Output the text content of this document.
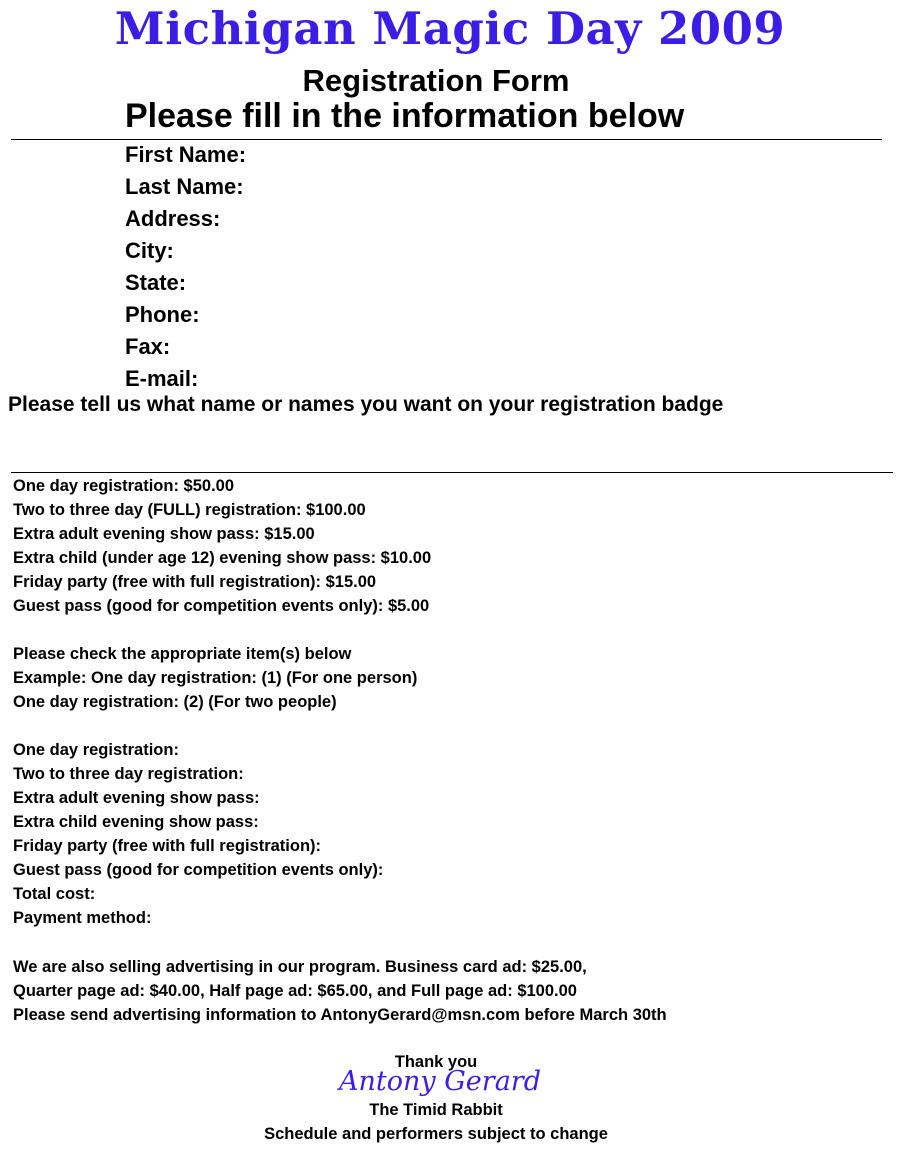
Michigan Magic Day 2009
Registration Form
Please fill in the information below
First Name:
Last Name:
Address:
City:
State:
Phone:
Fax:
E-mail:
Please tell us what name or names you want on your registration badge
One day registration: $50.00
Two to three day (FULL) registration: $100.00
Extra adult evening show pass: $15.00
Extra child (under age 12) evening show pass: $10.00
Friday party (free with full registration): $15.00
Guest pass (good for competition events only): $5.00
Please check the appropriate item(s) below
Example: One day registration: (1) (For one person)
One day registration: (2) (For two people)
One day registration:
Two to three day registration:
Extra adult evening show pass:
Extra child evening show pass:
Friday party (free with full registration):
Guest pass (good for competition events only):
Total cost:
Payment method:
We are also selling advertising in our program. Business card ad: $25.00,
Quarter page ad: $40.00, Half page ad: $65.00, and Full page ad: $100.00
Please send advertising information to AntonyGerard@msn.com before March 30th
Thank you
Antony Gerard
The Timid Rabbit
Schedule and performers subject to change
